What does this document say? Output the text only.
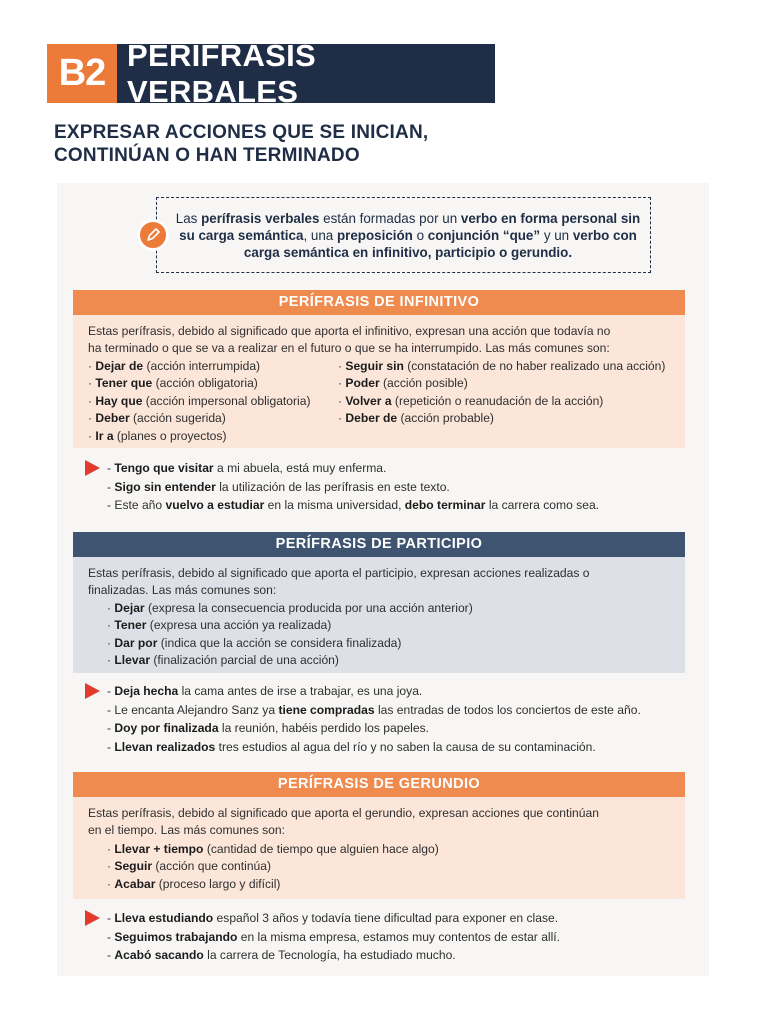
B2 PERÍFRASIS VERBALES
EXPRESAR ACCIONES QUE SE INICIAN,
CONTINÚAN O HAN TERMINADO
Las perífrasis verbales están formadas por un verbo en forma personal sin su carga semántica, una preposición o conjunción “que” y un verbo con carga semántica en infinitivo, participio o gerundio.
PERÍFRASIS DE INFINITIVO
Estas perífrasis, debido al significado que aporta el infinitivo, expresan una acción que todavía no
ha terminado o que se va a realizar en el futuro o que se ha interrumpido. Las más comunes son:
· Dejar de (acción interrumpida)
· Tener que (acción obligatoria)
· Hay que (acción impersonal obligatoria)
· Deber (acción sugerida)
· Ir a (planes o proyectos)
· Seguir sin (constatación de no haber realizado una acción)
· Poder (acción posible)
· Volver a (repetición o reanudación de la acción)
· Deber de (acción probable)
- Tengo que visitar a mi abuela, está muy enferma.
- Sigo sin entender la utilización de las perífrasis en este texto.
- Este año vuelvo a estudiar en la misma universidad, debo terminar la carrera como sea.
PERÍFRASIS DE PARTICIPIO
Estas perífrasis, debido al significado que aporta el participio, expresan acciones realizadas o
finalizadas. Las más comunes son:
· Dejar (expresa la consecuencia producida por una acción anterior)
· Tener (expresa una acción ya realizada)
· Dar por (indica que la acción se considera finalizada)
· Llevar (finalización parcial de una acción)
- Deja hecha la cama antes de irse a trabajar, es una joya.
- Le encanta Alejandro Sanz ya tiene compradas las entradas de todos los conciertos de este año.
- Doy por finalizada la reunión, habéis perdido los papeles.
- Llevan realizados tres estudios al agua del río y no saben la causa de su contaminación.
PERÍFRASIS DE GERUNDIO
Estas perífrasis, debido al significado que aporta el gerundio, expresan acciones que continúan
en el tiempo. Las más comunes son:
· Llevar + tiempo (cantidad de tiempo que alguien hace algo)
· Seguir (acción que continúa)
· Acabar (proceso largo y difícil)
- Lleva estudiando español 3 años y todavía tiene dificultad para exponer en clase.
- Seguimos trabajando en la misma empresa, estamos muy contentos de estar allí.
- Acabó sacando la carrera de Tecnología, ha estudiado mucho.
